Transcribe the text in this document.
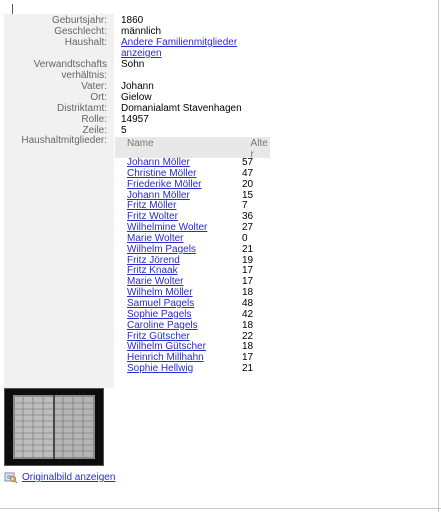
Geburtsjahr: 1860
Geschlecht: männlich
Haushalt: Andere Familienmitglieder anzeigen
Verwandtschafts verhältnis:
Sohn
Vater: Johann
Ort: Gielow
Distriktamt: Domanialamt Stavenhagen
Rolle: 14957
Zeile: 5
Haushaltmitglieder:	Name	Alter
Johann Möller	57
Christine Möller	47
Friederike Möller	20
Johann Möller	15
Fritz Möller	7
Fritz Wolter	36
Wilhelmine Wolter	27
Marie Wolter	0
Wilhelm Pagels	21
Fritz Jörend	19
Fritz Knaak	17
Marie Wolter	17
Wilhelm Möller	18
Samuel Pagels	48
Sophie Pagels	42
Caroline Pagels	18
Fritz Gütscher	22
Wilhelm Gütscher	18
Heinrich Millhahn	17
Sophie Hellwig	21
Originalbild anzeigen
